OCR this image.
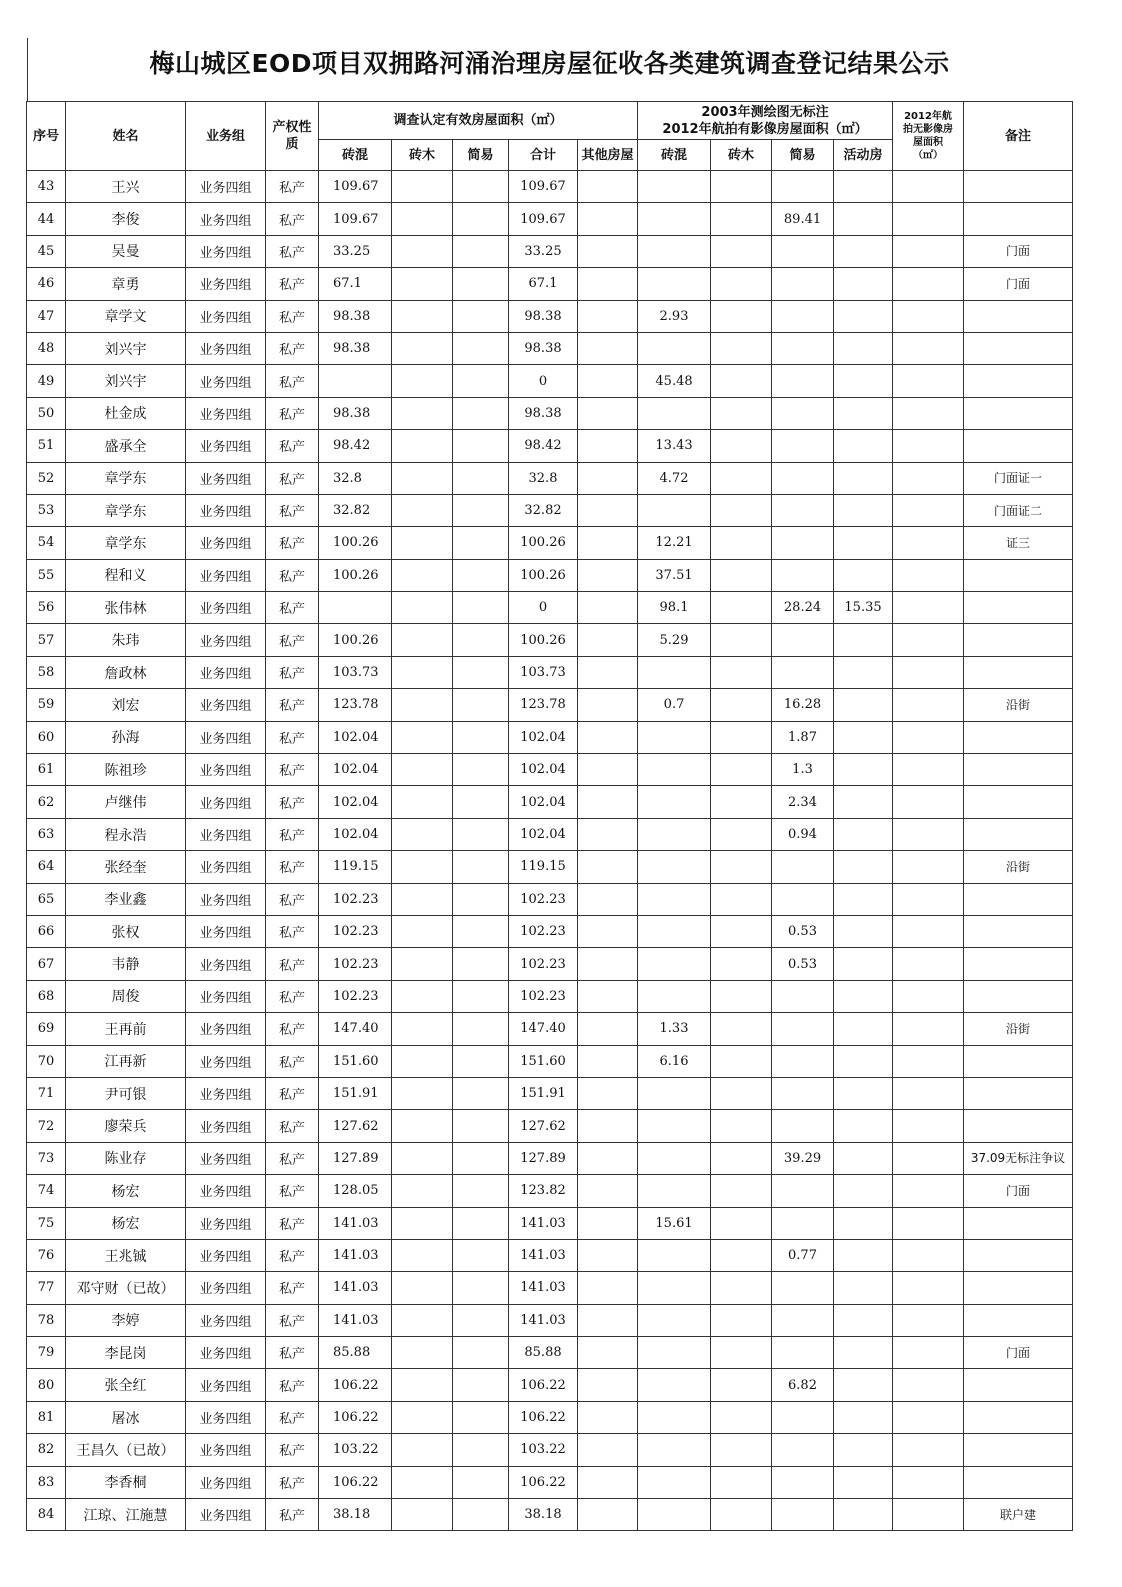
梅山城区EOD项目双拥路河涌治理房屋征收各类建筑调查登记结果公示
序号	姓名	业务组	产权性质	调查认定有效房屋面积（㎡）					2003年测绘图无标注
2012年航拍有影像房屋面积（㎡）				2012年航拍无影像房屋面积（㎡）	备注
				砖混	砖木	简易	合计	其他房屋	砖混	砖木	简易	活动房		
43	王兴	业务四组	私产	109.67			109.67							
44	李俊	业务四组	私产	109.67			109.67				89.41			
45	吴曼	业务四组	私产	33.25			33.25							门面
46	章勇	业务四组	私产	67.1			67.1							门面
47	章学文	业务四组	私产	98.38			98.38		2.93					
48	刘兴宇	业务四组	私产	98.38			98.38							
49	刘兴宇	业务四组	私产				0		45.48					
50	杜金成	业务四组	私产	98.38			98.38							
51	盛承全	业务四组	私产	98.42			98.42		13.43					
52	章学东	业务四组	私产	32.8			32.8		4.72					门面证一
53	章学东	业务四组	私产	32.82			32.82							门面证二
54	章学东	业务四组	私产	100.26			100.26		12.21					证三
55	程和义	业务四组	私产	100.26			100.26		37.51					
56	张伟林	业务四组	私产				0		98.1		28.24	15.35		
57	朱玮	业务四组	私产	100.26			100.26		5.29					
58	詹政林	业务四组	私产	103.73			103.73							
59	刘宏	业务四组	私产	123.78			123.78		0.7		16.28			沿街
60	孙海	业务四组	私产	102.04			102.04				1.87			
61	陈祖珍	业务四组	私产	102.04			102.04				1.3			
62	卢继伟	业务四组	私产	102.04			102.04				2.34			
63	程永浩	业务四组	私产	102.04			102.04				0.94			
64	张经奎	业务四组	私产	119.15			119.15							沿街
65	李业鑫	业务四组	私产	102.23			102.23							
66	张权	业务四组	私产	102.23			102.23				0.53			
67	韦静	业务四组	私产	102.23			102.23				0.53			
68	周俊	业务四组	私产	102.23			102.23							
69	王再前	业务四组	私产	147.40			147.40		1.33					沿街
70	江再新	业务四组	私产	151.60			151.60		6.16					
71	尹可银	业务四组	私产	151.91			151.91							
72	廖荣兵	业务四组	私产	127.62			127.62							
73	陈业存	业务四组	私产	127.89			127.89				39.29			37.09无标注争议
74	杨宏	业务四组	私产	128.05			123.82							门面
75	杨宏	业务四组	私产	141.03			141.03		15.61					
76	王兆铖	业务四组	私产	141.03			141.03				0.77			
77	邓守财（已故）	业务四组	私产	141.03			141.03							
78	李婷	业务四组	私产	141.03			141.03							
79	李昆岗	业务四组	私产	85.88			85.88							门面
80	张全红	业务四组	私产	106.22			106.22				6.82			
81	屠冰	业务四组	私产	106.22			106.22							
82	王昌久（已故）	业务四组	私产	103.22			103.22							
83	李香桐	业务四组	私产	106.22			106.22							
84	江琼、江施慧	业务四组	私产	38.18			38.18							联户建
